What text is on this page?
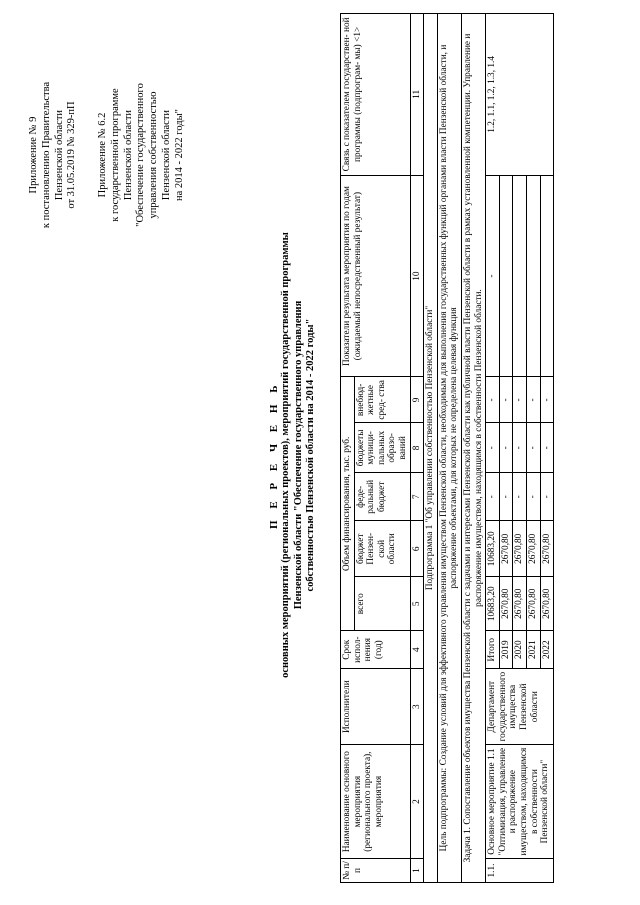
Приложение № 9 к постановлению Правительства Пензенской области от 31.05.2019 № 329-пП Приложение № 6.2 к государственной программе Пензенской области "Обеспечение государственного управления собственностью Пензенской области на 2014 - 2022 годы"
П Е Р Е Ч Е Н Ь основных мероприятий (региональных проектов), мероприятий государственной программы Пензенской области "Обеспечение государственного управления собственностью Пензенской области на 2014 - 2022 годы"
№ п/п	Наименование основного мероприятия (регионального проекта), мероприятия	Исполнители	Срок испол- нения (год)	Объем финансирования, тыс. руб.					Показатели результата мероприятия по годам (ожидаемый непосредственный результат)	Связь с показателем государствен- ной программы (подпрограм- мы) <1>
				всего	бюджет Пензен- ской области	феде- ральный бюджет	бюджеты муници- пальных образо- ваний	внебюд- жетные сред- ства		
1	2	3	4	5	6	7	8	9	10	11
Подпрограмма 1 "Об управлении собственностью Пензенской области"										
Цель подпрограммы: Создание условий для эффективного управления имуществом Пензенской области, необходимым для выполнения государственных функций органами власти Пензенской области, и распоряжение объектами, для которых не определена целевая функция										
Задача 1. Сопоставление объектов имущества Пензенской области с задачами и интересами Пензенской области как публичной власти Пензенской области в рамках установленной компетенции. Управление и распоряжение имуществом, находящимся в собственности Пензенской области.										
1.1.	Основное мероприятие 1.1 "Оптимизация, управление и распоряжение имуществом, находящимся в собственности Пензенской области"	Департамент государственного имущества Пензенской области	Итого	10683,20	10683,20	-	-	-	-	1.2, 1.1, 1.2, 1.3, 1.4
			2019	2670,80	2670,80	-	-	-		
			2020	2670,80	2670,80	-	-	-		
			2021	2670,80	2670,80	-	-	-		
			2022	2670,80	2670,80	-	-	-		
